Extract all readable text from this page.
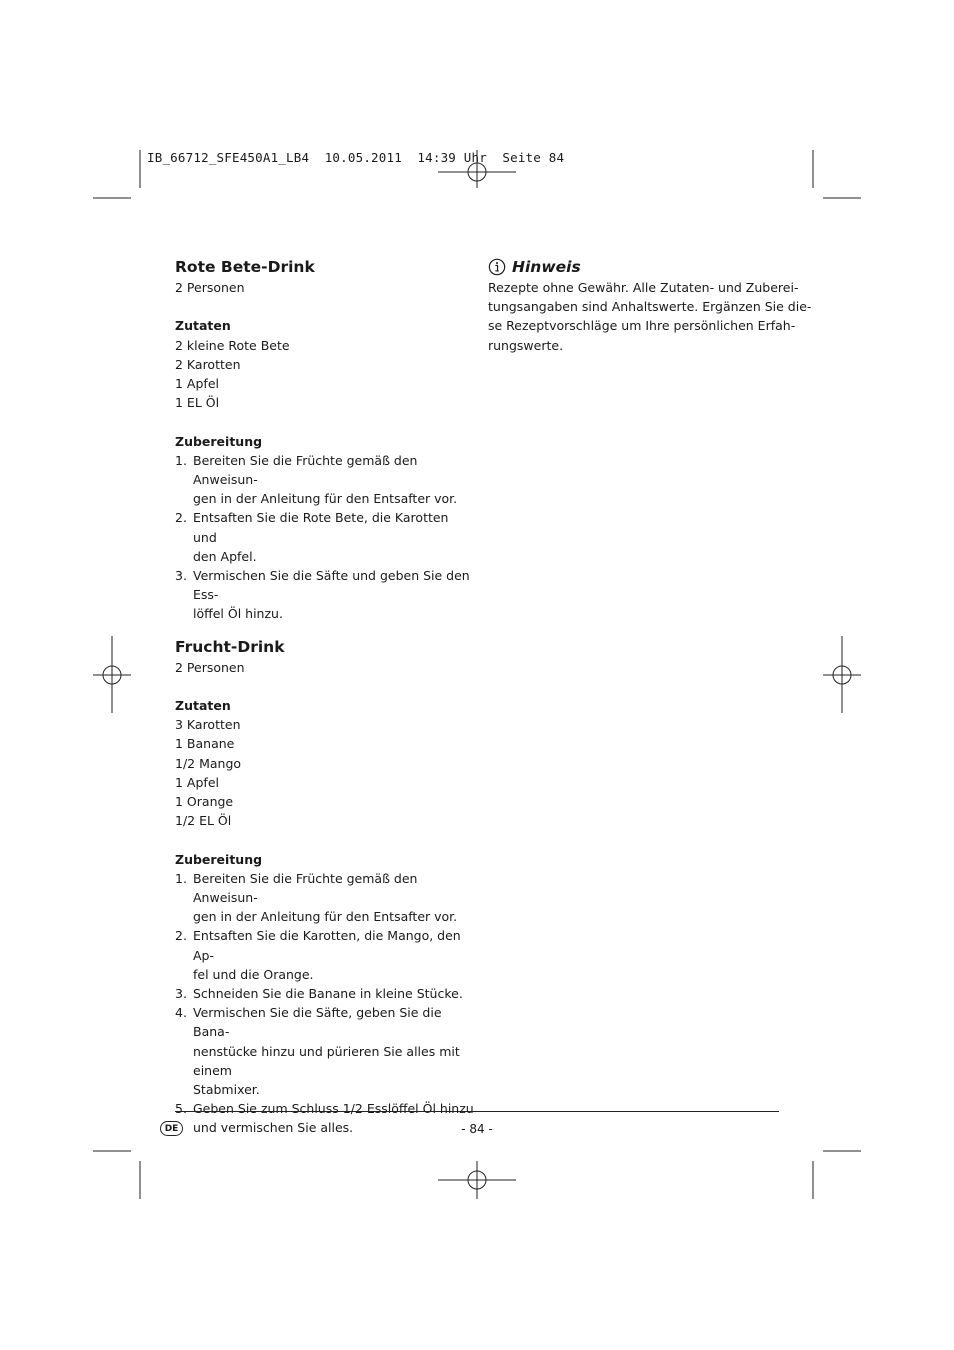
IB_66712_SFE450A1_LB4  10.05.2011  14:39 Uhr  Seite 84
Rote Bete-Drink

2 Personen

Zutaten

2 kleine Rote Bete

2 Karotten

1 Apfel

1 EL Öl

Zubereitung

1. Bereiten Sie die Früchte gemäß den Anweisun-
gen in der Anleitung für den Entsafter vor.
2. Entsaften Sie die Rote Bete, die Karotten und
den Apfel.
3. Vermischen Sie die Säfte und geben Sie den Ess-
löffel Öl hinzu.
Frucht-Drink

2 Personen

Zutaten

3 Karotten

1 Banane

1/2 Mango

1 Apfel

1 Orange

1/2 EL Öl

Zubereitung

1. Bereiten Sie die Früchte gemäß den Anweisun-
gen in der Anleitung für den Entsafter vor.
2. Entsaften Sie die Karotten, die Mango, den Ap-
fel und die Orange.
3. Schneiden Sie die Banane in kleine Stücke.
4. Vermischen Sie die Säfte, geben Sie die Bana-
nenstücke hinzu und pürieren Sie alles mit einem
Stabmixer.
5. Geben Sie zum Schluss 1/2 Esslöffel Öl hinzu
und vermischen Sie alles.
Hinweis

Rezepte ohne Gewähr. Alle Zutaten- und Zuberei-

tungsangaben sind Anhaltswerte. Ergänzen Sie die-

se Rezeptvorschläge um Ihre persönlichen Erfah-

rungswerte.

DE	- 84 -
